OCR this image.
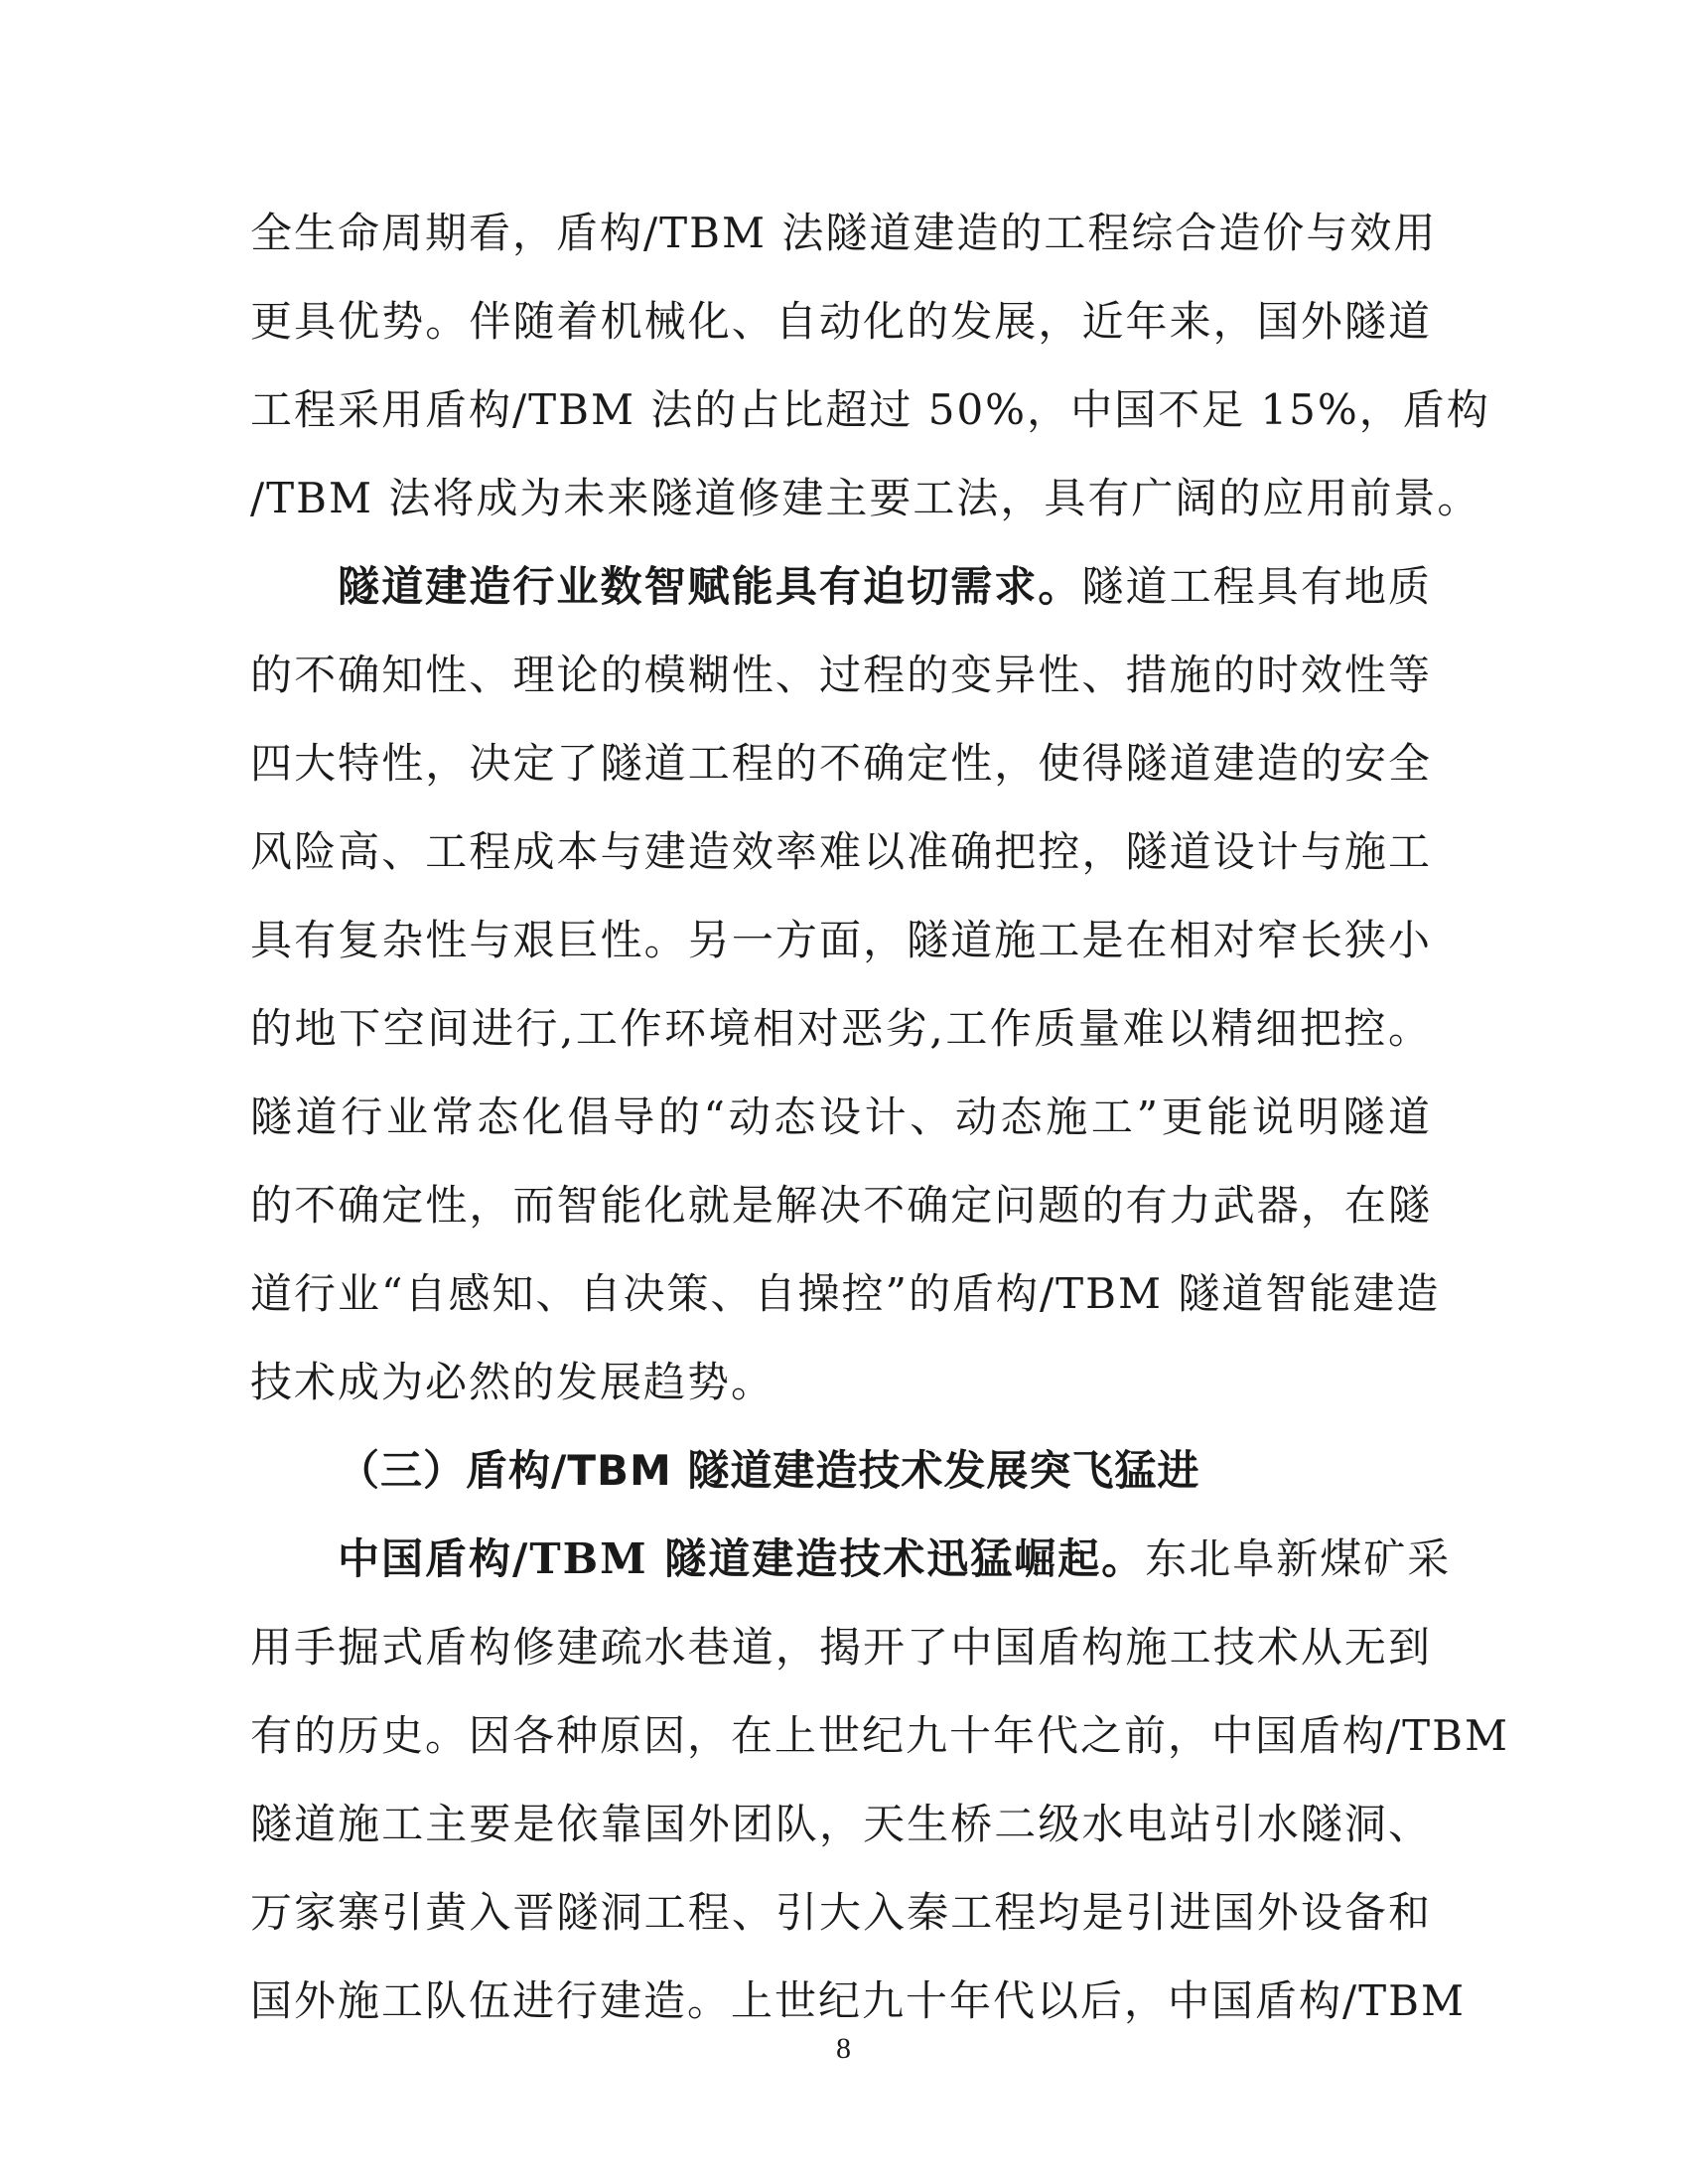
全生命周期看，盾构/TBM 法隧道建造的工程综合造价与效用
更具优势。伴随着机械化、自动化的发展，近年来，国外隧道
工程采用盾构/TBM 法的占比超过 50%，中国不足 15%，盾构
/TBM 法将成为未来隧道修建主要工法，具有广阔的应用前景。
隧道建造行业数智赋能具有迫切需求。隧道工程具有地质
的不确知性、理论的模糊性、过程的变异性、措施的时效性等
四大特性，决定了隧道工程的不确定性，使得隧道建造的安全
风险高、工程成本与建造效率难以准确把控，隧道设计与施工
具有复杂性与艰巨性。另一方面，隧道施工是在相对窄长狭小
的地下空间进行,工作环境相对恶劣,工作质量难以精细把控。
隧道行业常态化倡导的“动态设计、动态施工”更能说明隧道
的不确定性，而智能化就是解决不确定问题的有力武器，在隧
道行业“自感知、自决策、自操控”的盾构/TBM 隧道智能建造
技术成为必然的发展趋势。
（三）盾构/TBM 隧道建造技术发展突飞猛进
中国盾构/TBM 隧道建造技术迅猛崛起。东北阜新煤矿采
用手掘式盾构修建疏水巷道，揭开了中国盾构施工技术从无到
有的历史。因各种原因，在上世纪九十年代之前，中国盾构/TBM
隧道施工主要是依靠国外团队，天生桥二级水电站引水隧洞、
万家寨引黄入晋隧洞工程、引大入秦工程均是引进国外设备和
国外施工队伍进行建造。上世纪九十年代以后，中国盾构/TBM
8
